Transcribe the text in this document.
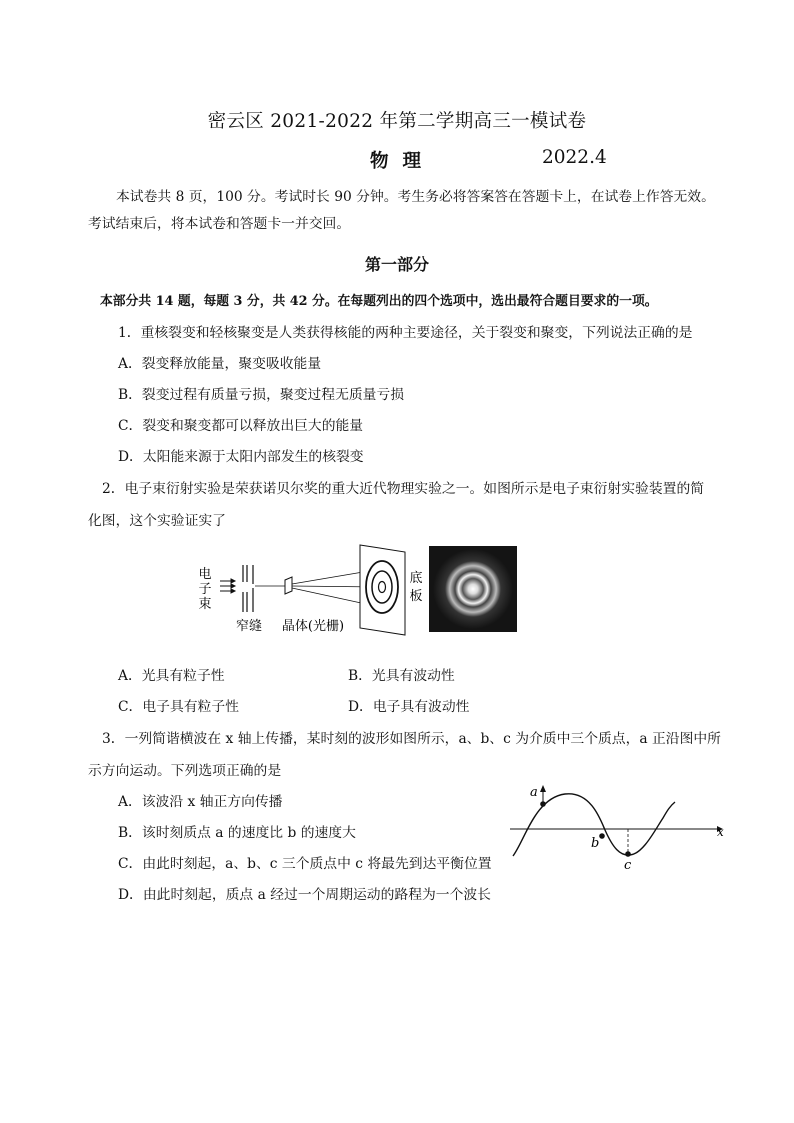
密云区 2021-2022 年第二学期高三一模试卷
物理	2022.4
本试卷共 8 页，100 分。考试时长 90 分钟。考生务必将答案答在答题卡上，在试卷上作答无效。考试结束后，将本试卷和答题卡一并交回。
第一部分
本部分共 14 题，每题 3 分，共 42 分。在每题列出的四个选项中，选出最符合题目要求的一项。
1．重核裂变和轻核聚变是人类获得核能的两种主要途径，关于裂变和聚变，下列说法正确的是
A．裂变释放能量，聚变吸收能量
B．裂变过程有质量亏损，聚变过程无质量亏损
C．裂变和聚变都可以释放出巨大的能量
D．太阳能来源于太阳内部发生的核裂变
2．电子束衍射实验是荣获诺贝尔奖的重大近代物理实验之一。如图所示是电子束衍射实验装置的简
化图，这个实验证实了
电
子
束
窄缝 晶体(光栅)
底
板
A．光具有粒子性	B．光具有波动性
C．电子具有粒子性	D．电子具有波动性
3．一列简谐横波在 x 轴上传播，某时刻的波形如图所示，a、b、c 为介质中三个质点，a 正沿图中所
示方向运动。下列选项正确的是
A．该波沿 x 轴正方向传播
B．该时刻质点 a 的速度比 b 的速度大
C．由此时刻起，a、b、c 三个质点中 c 将最先到达平衡位置
D．由此时刻起，质点 a 经过一个周期运动的路程为一个波长
x
a
b
c
